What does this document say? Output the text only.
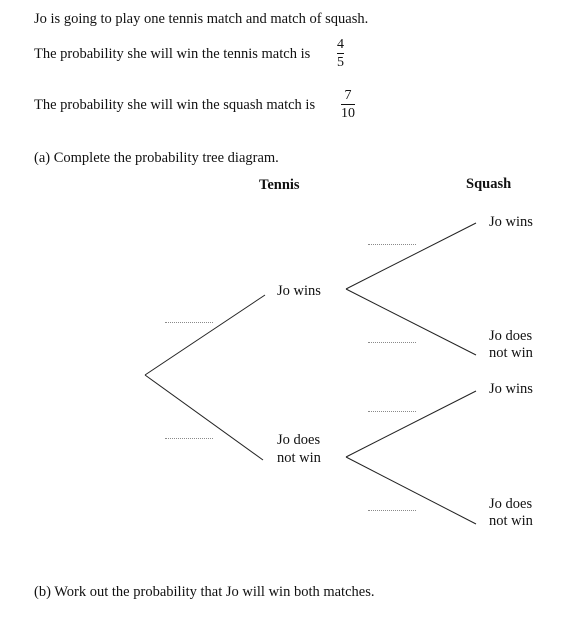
Jo is going to play one tennis match and match of squash.
The probability she will win the tennis match is
4
5
The probability she will win the squash match is
7
10
(a) Complete the probability tree diagram.
Tennis	Squash
Jo wins
Jo does
not win
Jo wins
Jo does
not win
Jo wins
Jo does
not win
(b) Work out the probability that Jo will win both matches.
